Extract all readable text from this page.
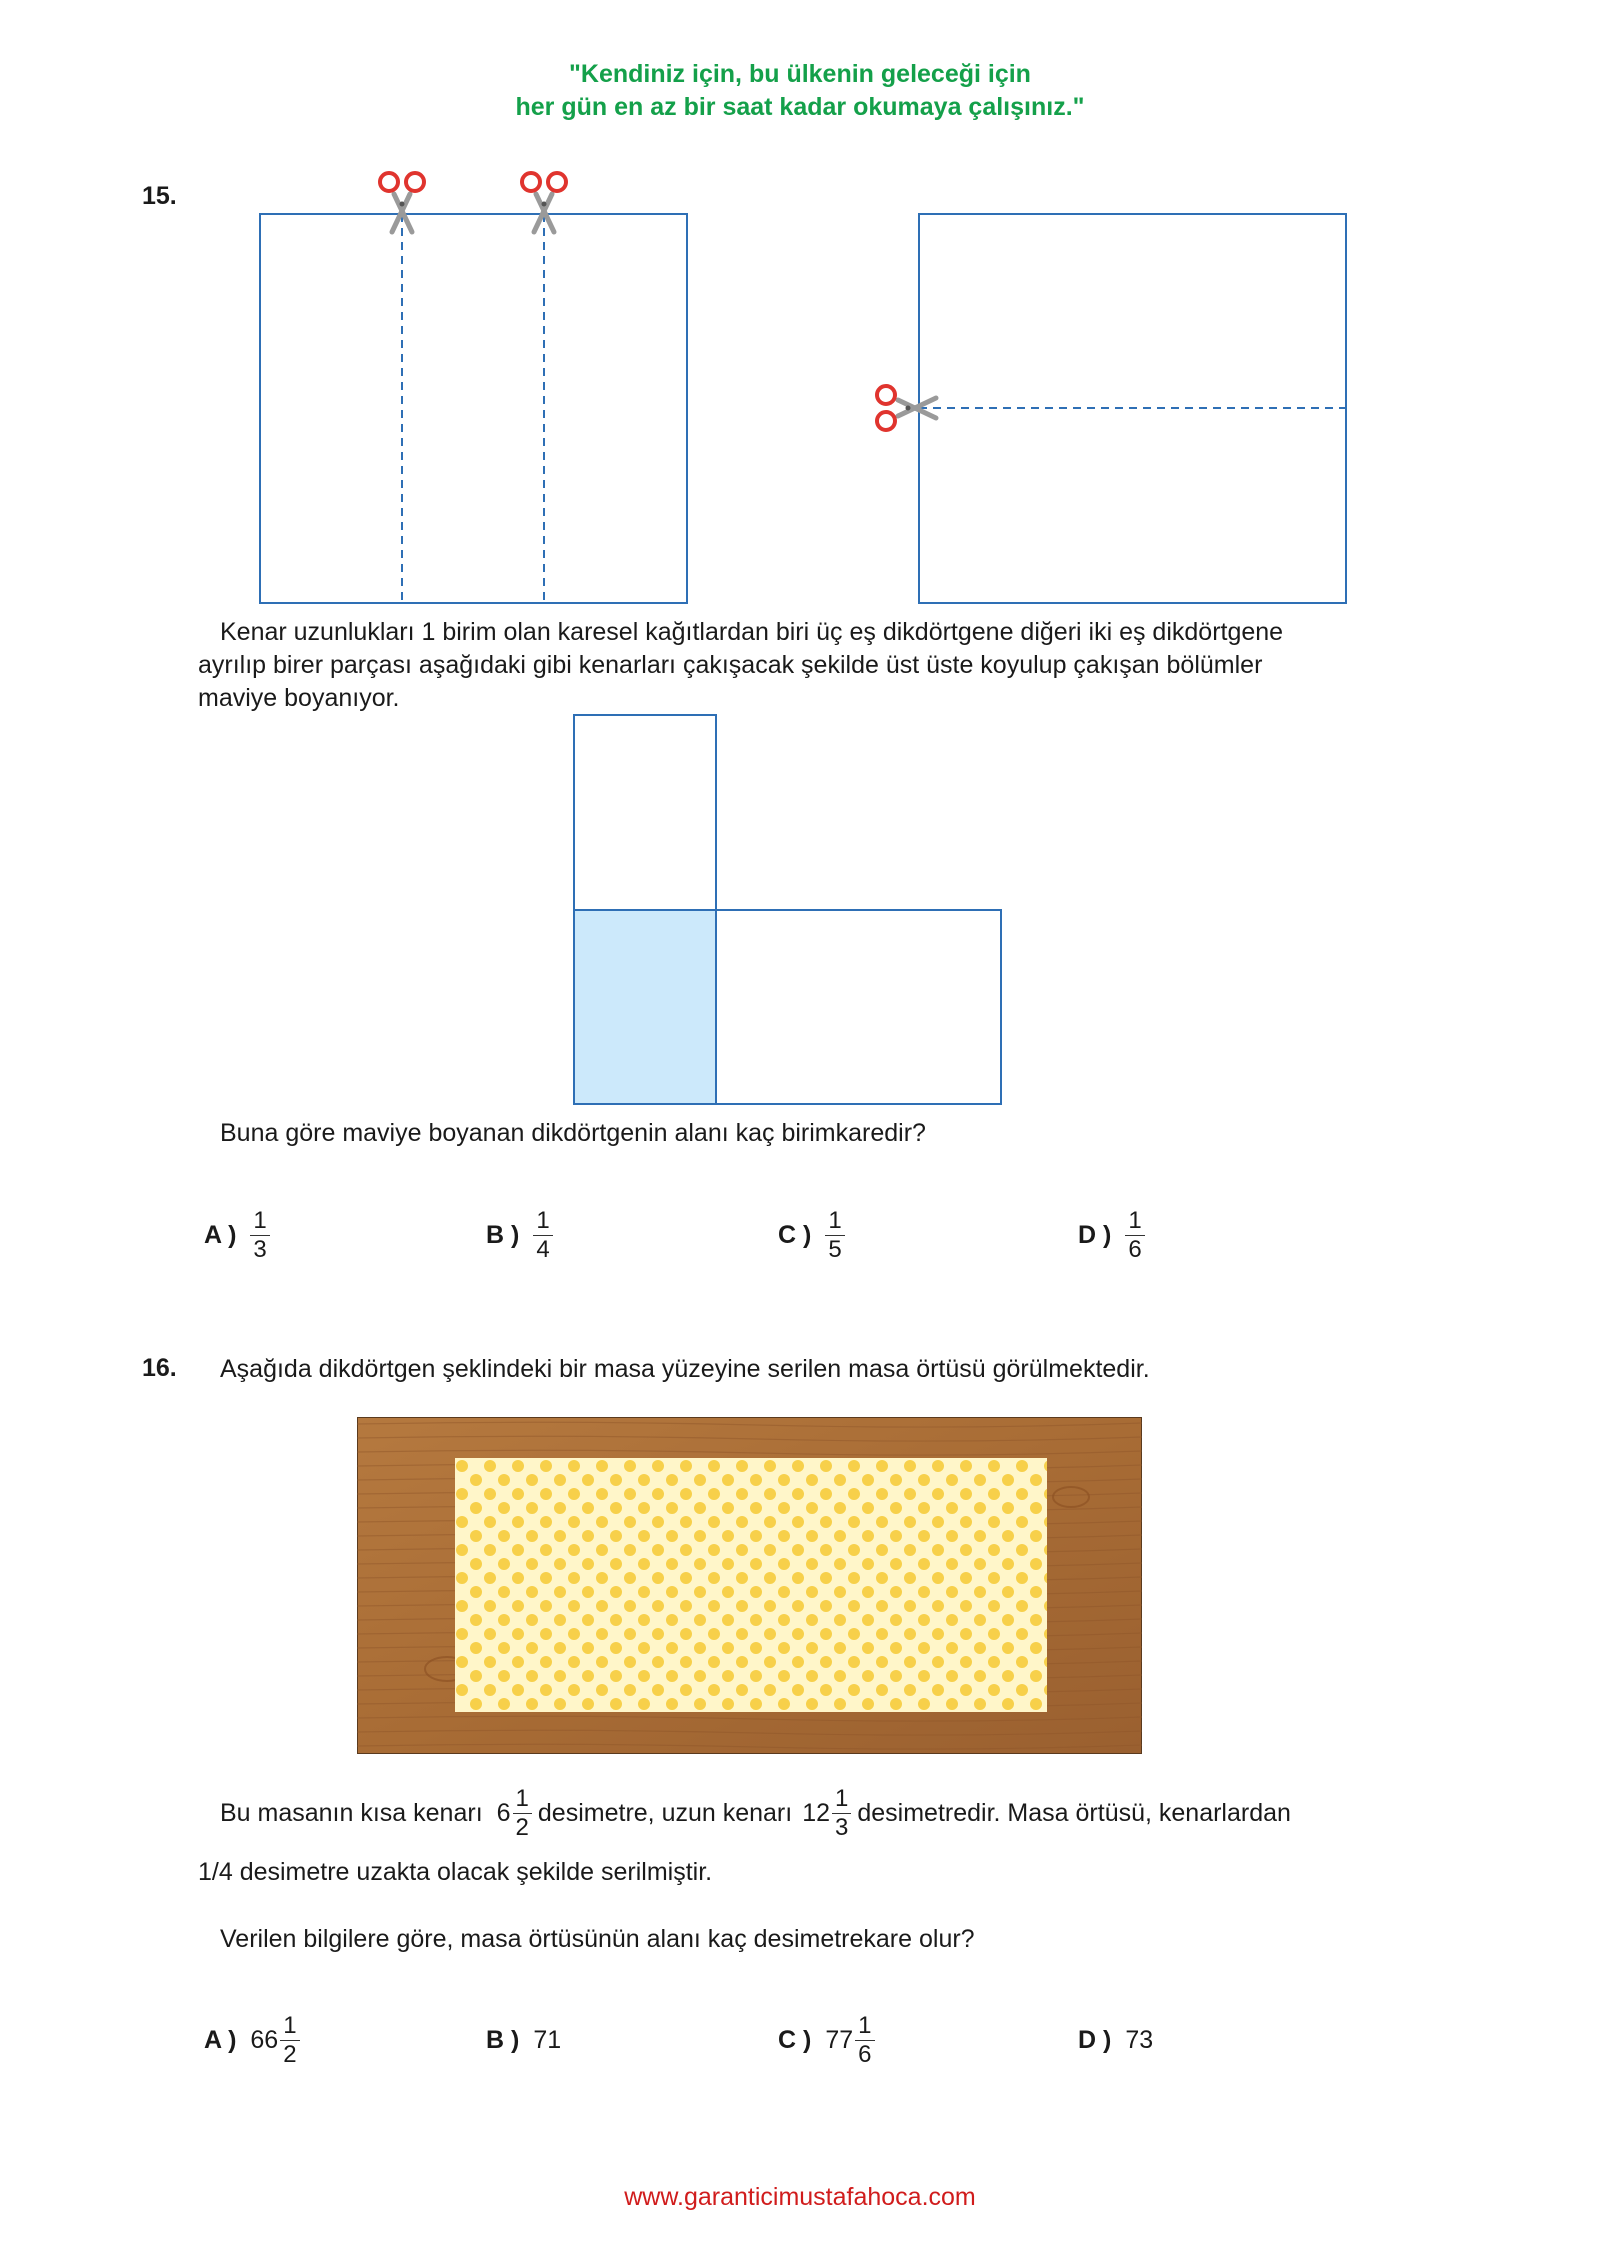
"Kendiniz için, bu ülkenin geleceği için
her gün en az bir saat kadar okumaya çalışınız."
15.
Kenar uzunlukları 1 birim olan karesel kağıtlardan biri üç eş dikdörtgene diğeri iki eş dikdörtgene
ayrılıp birer parçası aşağıdaki gibi kenarları çakışacak şekilde üst üste koyulup çakışan bölümler
maviye boyanıyor.
Buna göre maviye boyanan dikdörtgenin alanı kaç birimkaredir?
A ) $\frac{1}{3}$	B ) $\frac{1}{4}$	C ) $\frac{1}{5}$	D ) $\frac{1}{6}$
16. Aşağıda dikdörtgen şeklindeki bir masa yüzeyine serilen masa örtüsü görülmektedir.
Bu masanın kısa kenarı $6 \frac{1}{2}$ desimetre, uzun kenarı $12 \frac{1}{3}$ desimetredir. Masa örtüsü, kenarlardan
1/4 desimetre uzakta olacak şekilde serilmiştir.
Verilen bilgilere göre, masa örtüsünün alanı kaç desimetrekare olur?
A ) $66 \frac{1}{2}$	B ) 71	C ) $77 \frac{1}{6}$	D ) 73
www.garanticimustafahoca.com
